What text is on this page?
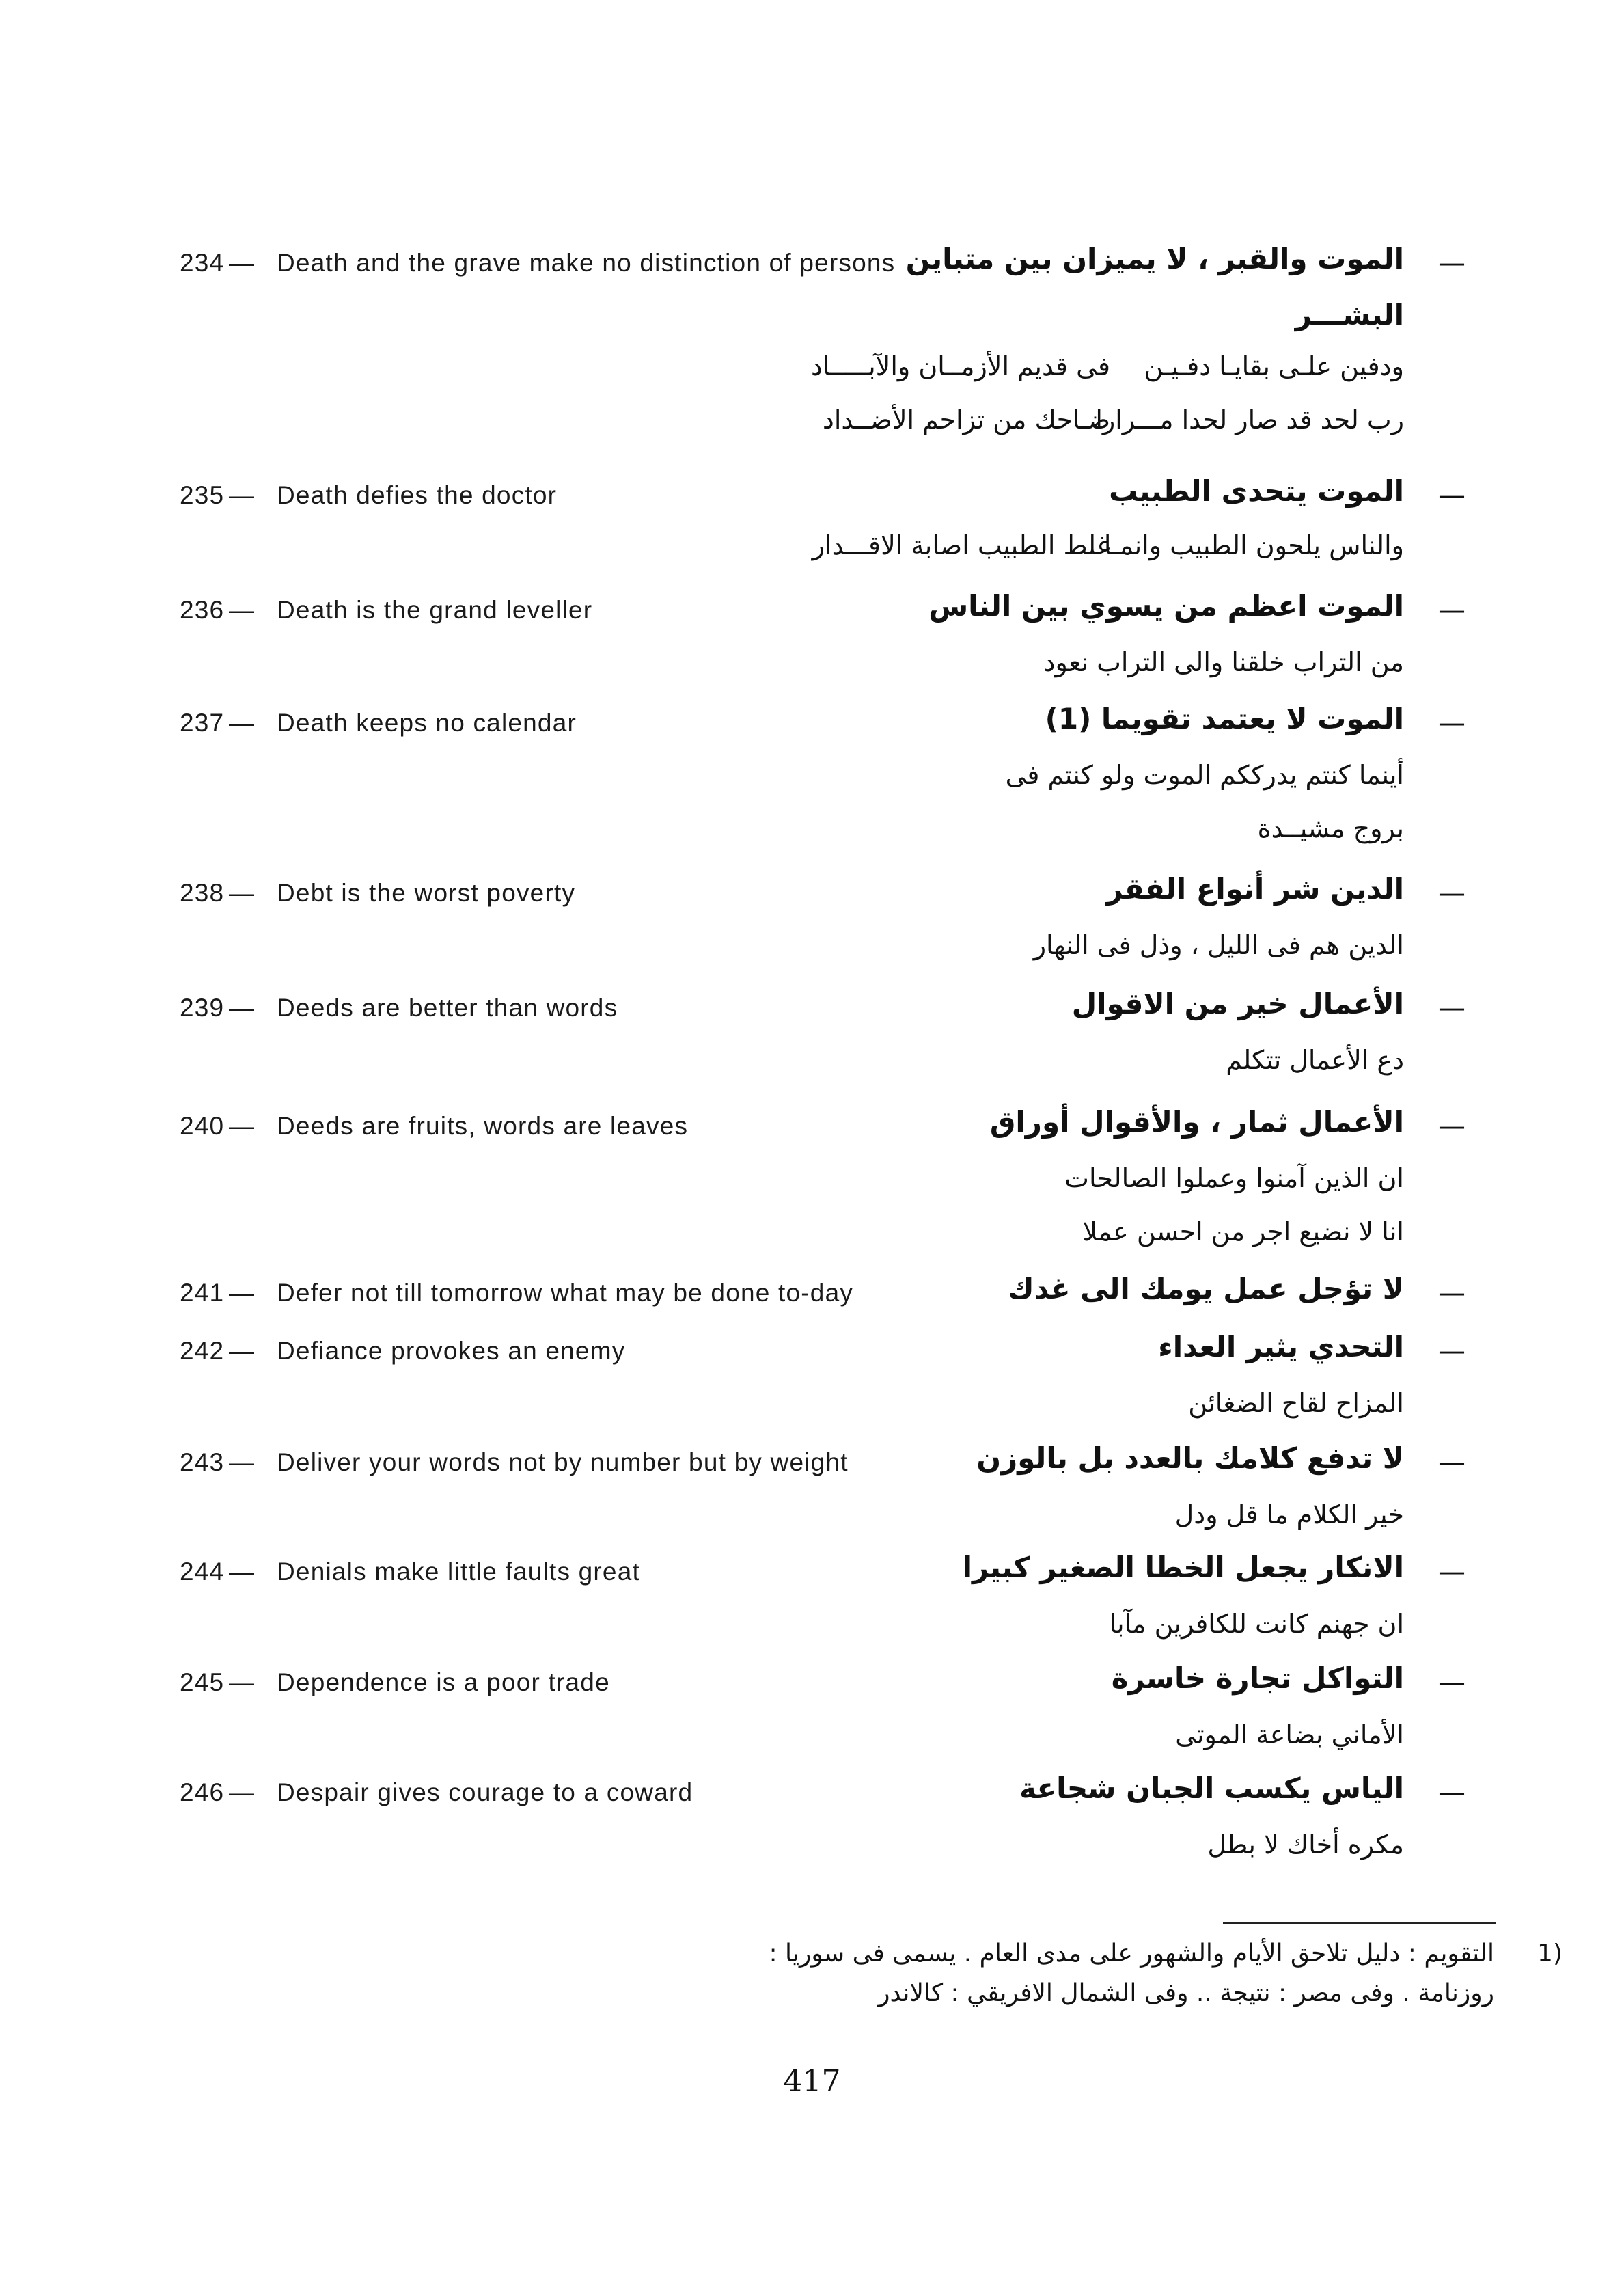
234 — Death and the grave make no distinction of persons الموت والقبر ، لا يميزان بين متباين —
البشـــر
ودفين علـى بقايـا دفـيـن
فى قديم الأزمــان والآبـــــاد
رب لحد قد صار لحدا مـــرارا
ضـاحك من تزاحم الأضــداد
235 — Death defies the doctor	الموت يتحدى الطبيب —
والناس يلحون الطبيب وانمـا
غلط الطبيب اصابة الاقـــدار
236 — Death is the grand leveller	الموت اعظم من يسوي بين الناس —
من التراب خلقنا والى التراب نعود
237 — Death keeps no calendar	الموت لا يعتمد تقويما (1) —
أينما كنتم يدرككم الموت ولو كنتم فى
بروج مشيــدة
238 — Debt is the worst poverty	الدين شر أنواع الفقر —
الدين هم فى الليل ، وذل فى النهار
239 — Deeds are better than words	الأعمال خير من الاقوال —
دع الأعمال تتكلم
240 — Deeds are fruits, words are leaves	الأعمال ثمار ، والأقوال أوراق —
ان الذين آمنوا وعملوا الصالحات
انا لا نضيع اجر من احسن عملا
241 — Defer not till tomorrow what may be done to-day	لا تؤجل عمل يومك الى غدك —
242 — Defiance provokes an enemy	التحدي يثير العداء —
المزاح لقاح الضغائن
243 — Deliver your words not by number but by weight	لا تدفع كلامك بالعدد بل بالوزن —
خير الكلام ما قل ودل
244 — Denials make little faults great	الانكار يجعل الخطا الصغير كبيرا —
ان جهنم كانت للكافرين مآبا
245 — Dependence is a poor trade	التواكل تجارة خاسرة —
الأماني بضاعة الموتى
246 — Despair gives courage to a coward	الياس يكسب الجبان شجاعة —
مكره أخاك لا بطل
(1
التقويم : دليل تلاحق الأيام والشهور على مدى العام . يسمى فى سوريا :
روزنامة . وفى مصر : نتيجة .. وفى الشمال الافريقي : كالاندر
417
